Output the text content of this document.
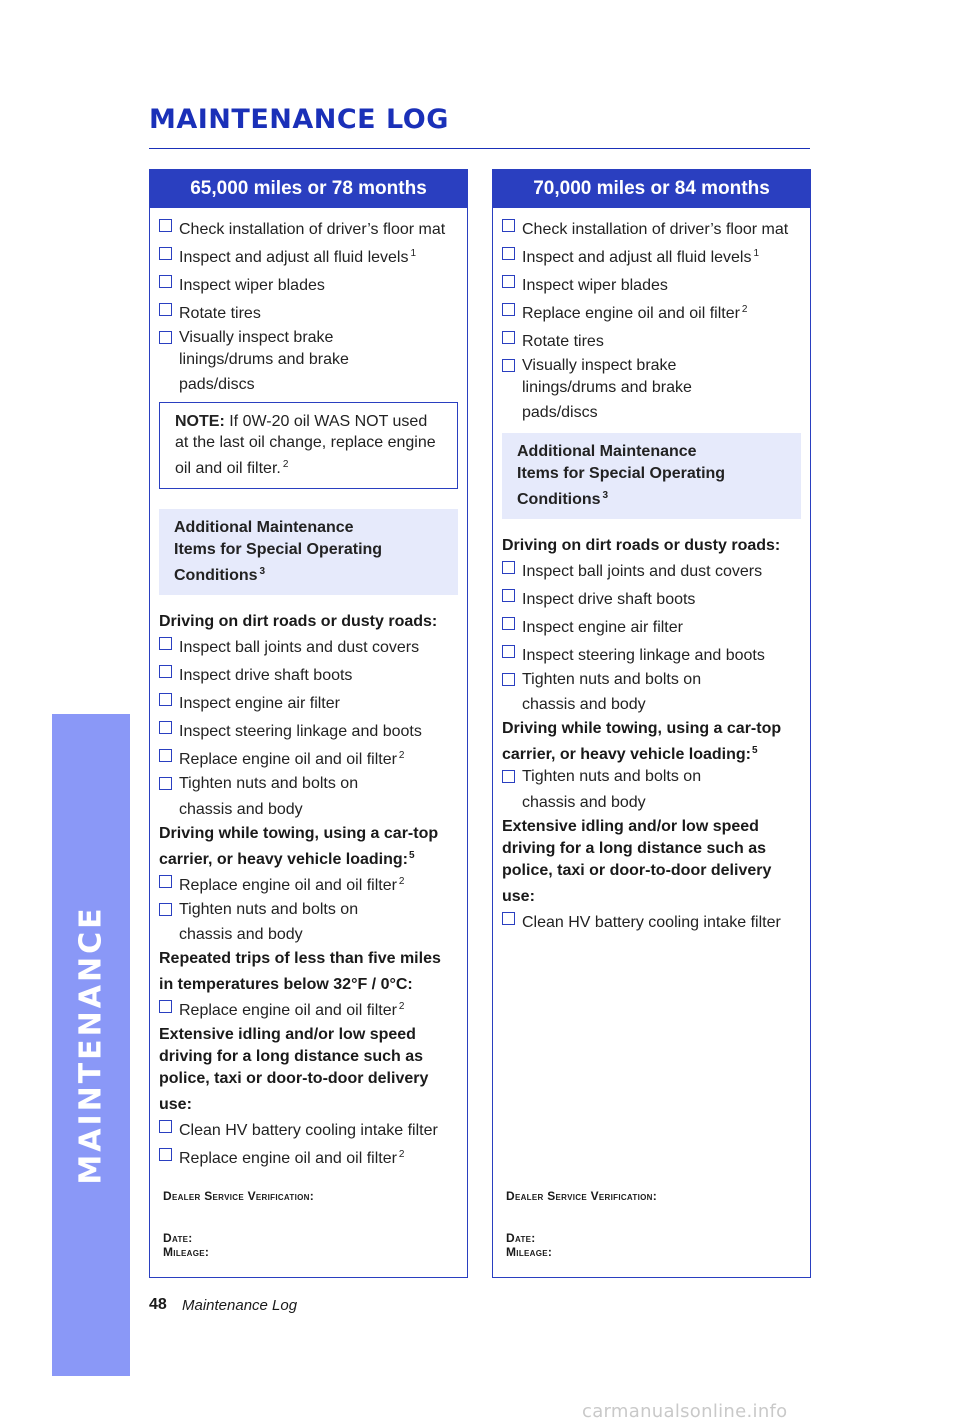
MAINTENANCE LOG
MAINTENANCE
65,000 miles or 78 months
Check installation of driver’s floor mat
Inspect and adjust all fluid levels $^1$
Inspect wiper blades
Rotate tires
Visually inspect brake linings/drums and brake pads/discs
NOTE: If 0W-20 oil WAS NOT used at the last oil change, replace engine oil and oil filter. $^2$
Additional Maintenance Items for Special Operating Conditions $^3$
Driving on dirt roads or dusty roads:
Inspect ball joints and dust covers
Inspect drive shaft boots
Inspect engine air filter
Inspect steering linkage and boots
Replace engine oil and oil filter $^2$
Tighten nuts and bolts on chassis and body
Driving while towing, using a car-top carrier, or heavy vehicle loading:$^5$
Replace engine oil and oil filter $^2$
Tighten nuts and bolts on chassis and body
Repeated trips of less than five miles in temperatures below 32°F / 0°C:
Replace engine oil and oil filter $^2$
Extensive idling and/or low speed driving for a long distance such as police, taxi or door-to-door delivery use:
Clean HV battery cooling intake filter
Replace engine oil and oil filter $^2$
Dealer Service Verification:
Date:
Mileage:
70,000 miles or 84 months
Check installation of driver’s floor mat
Inspect and adjust all fluid levels $^1$
Inspect wiper blades
Replace engine oil and oil filter $^2$
Rotate tires
Visually inspect brake linings/drums and brake pads/discs
Additional Maintenance Items for Special Operating Conditions $^3$
Driving on dirt roads or dusty roads:
Inspect ball joints and dust covers
Inspect drive shaft boots
Inspect engine air filter
Inspect steering linkage and boots
Tighten nuts and bolts on chassis and body
Driving while towing, using a car-top carrier, or heavy vehicle loading:$^5$
Tighten nuts and bolts on chassis and body
Extensive idling and/or low speed driving for a long distance such as police, taxi or door-to-door delivery use:
Clean HV battery cooling intake filter
Dealer Service Verification:
Date:
Mileage:
48 Maintenance Log
carmanualsonline.info
